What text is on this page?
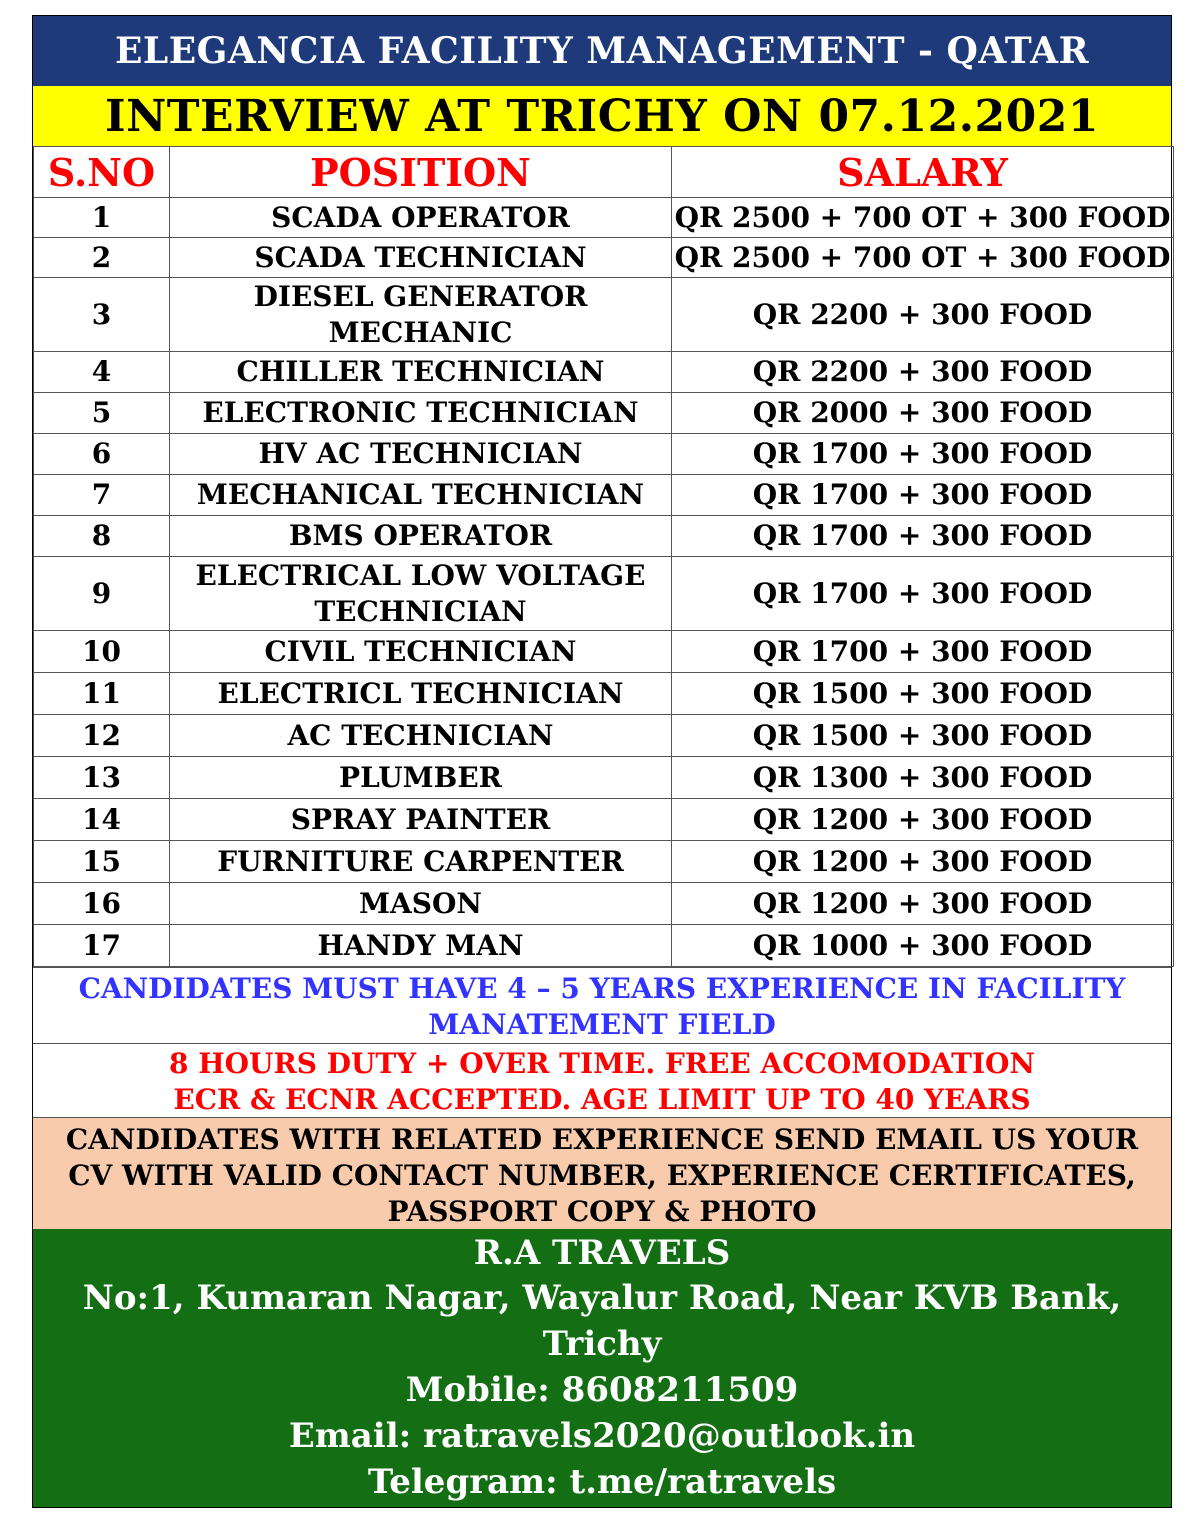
ELEGANCIA FACILITY MANAGEMENT - QATAR
INTERVIEW AT TRICHY ON 07.12.2021
S.NO	POSITION	SALARY
1	SCADA OPERATOR	QR 2500 + 700 OT + 300 FOOD
2	SCADA TECHNICIAN	QR 2500 + 700 OT + 300 FOOD
3	DIESEL GENERATOR MECHANIC	QR 2200 + 300 FOOD
4	CHILLER TECHNICIAN	QR 2200 + 300 FOOD
5	ELECTRONIC TECHNICIAN	QR 2000 + 300 FOOD
6	HV AC TECHNICIAN	QR 1700 + 300 FOOD
7	MECHANICAL TECHNICIAN	QR 1700 + 300 FOOD
8	BMS OPERATOR	QR 1700 + 300 FOOD
9	ELECTRICAL LOW VOLTAGE TECHNICIAN	QR 1700 + 300 FOOD
10	CIVIL TECHNICIAN	QR 1700 + 300 FOOD
11	ELECTRICL TECHNICIAN	QR 1500 + 300 FOOD
12	AC TECHNICIAN	QR 1500 + 300 FOOD
13	PLUMBER	QR 1300 + 300 FOOD
14	SPRAY PAINTER	QR 1200 + 300 FOOD
15	FURNITURE CARPENTER	QR 1200 + 300 FOOD
16	MASON	QR 1200 + 300 FOOD
17	HANDY MAN	QR 1000 + 300 FOOD
CANDIDATES MUST HAVE 4 – 5 YEARS EXPERIENCE IN FACILITY MANATEMENT FIELD
8 HOURS DUTY + OVER TIME. FREE ACCOMODATION
ECR & ECNR ACCEPTED. AGE LIMIT UP TO 40 YEARS
CANDIDATES WITH RELATED EXPERIENCE SEND EMAIL US YOUR CV WITH VALID CONTACT NUMBER, EXPERIENCE CERTIFICATES, PASSPORT COPY & PHOTO
R.A TRAVELS
No:1, Kumaran Nagar, Wayalur Road, Near KVB Bank, Trichy
Mobile: 8608211509
Email: ratravels2020@outlook.in
Telegram: t.me/ratravels
